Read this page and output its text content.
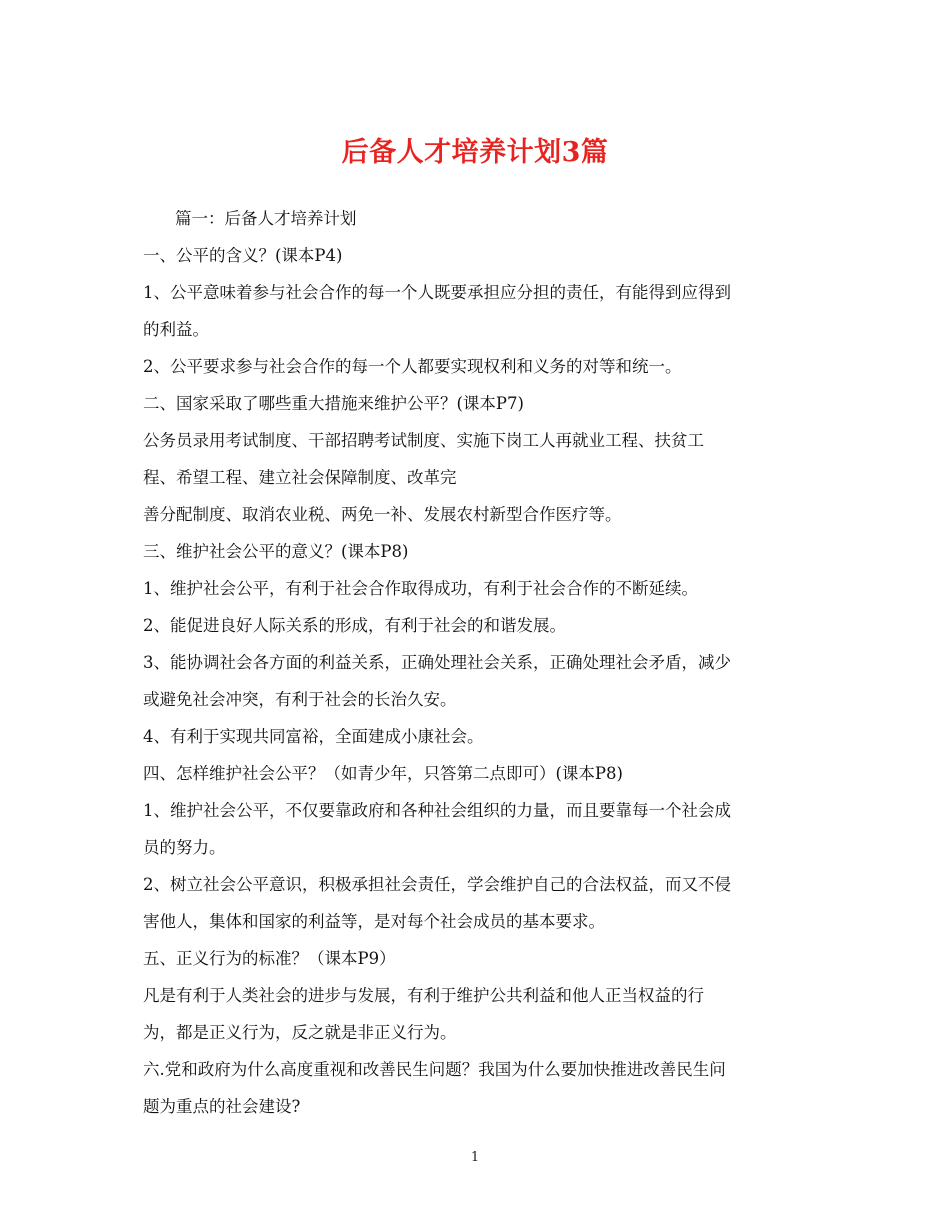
后备人才培养计划3篇
篇一：后备人才培养计划
一、公平的含义？(课本P4)
1、公平意味着参与社会合作的每一个人既要承担应分担的责任，有能得到应得到
的利益。
2、公平要求参与社会合作的每一个人都要实现权利和义务的对等和统一。
二、国家采取了哪些重大措施来维护公平？(课本P7)
公务员录用考试制度、干部招聘考试制度、实施下岗工人再就业工程、扶贫工
程、希望工程、建立社会保障制度、改革完
善分配制度、取消农业税、两免一补、发展农村新型合作医疗等。
三、维护社会公平的意义？(课本P8)
1、维护社会公平，有利于社会合作取得成功，有利于社会合作的不断延续。
2、能促进良好人际关系的形成，有利于社会的和谐发展。
3、能协调社会各方面的利益关系，正确处理社会关系，正确处理社会矛盾，减少
或避免社会冲突，有利于社会的长治久安。
4、有利于实现共同富裕，全面建成小康社会。
四、怎样维护社会公平？（如青少年，只答第二点即可）(课本P8)
1、维护社会公平，不仅要靠政府和各种社会组织的力量，而且要靠每一个社会成
员的努力。
2、树立社会公平意识，积极承担社会责任，学会维护自己的合法权益，而又不侵
害他人，集体和国家的利益等，是对每个社会成员的基本要求。
五、正义行为的标准？（课本P9）
凡是有利于人类社会的进步与发展，有利于维护公共利益和他人正当权益的行
为，都是正义行为，反之就是非正义行为。
六.党和政府为什么高度重视和改善民生问题？我国为什么要加快推进改善民生问
题为重点的社会建设?
1
